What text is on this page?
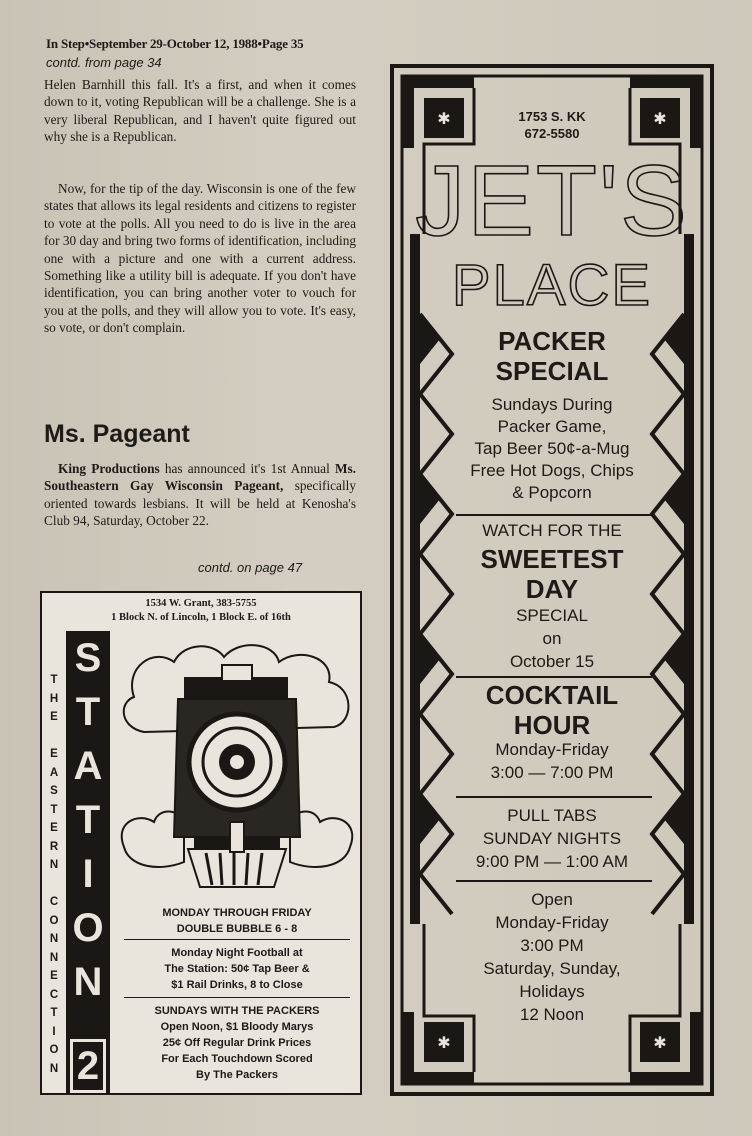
In Step•September 29-October 12, 1988•Page 35
contd. from page 34

Helen Barnhill this fall. It's a first, and when it comes down to it, voting Republican will be a challenge. She is a very liberal Republican, and I haven't quite figured out why she is a Republican.

Now, for the tip of the day. Wisconsin is one of the few states that allows its legal residents and citizens to register to vote at the polls. All you need to do is live in the area for 30 day and bring two forms of identification, including one with a picture and one with a current address. Something like a utility bill is adequate. If you don't have identification, you can bring another voter to vouch for you at the polls, and they will allow you to vote. It's easy, so vote, or don't complain.

Ms. Pageant

King Productions has announced it's 1st Annual Ms. Southeastern Gay Wisconsin Pageant, specifically oriented towards lesbians. It will be held at Kenosha's Club 94, Saturday, October 22.

contd. on page 47
1534 W. Grant, 383-5755
1 Block N. of Lincoln, 1 Block E. of 16th
T
H
E

E
A
S
T
E
R
N

C
O
N
N
E
C
T
I
O
N
S
T
A
T
I
O
N
2
MONDAY THROUGH FRIDAY
DOUBLE BUBBLE 6 - 8
Monday Night Football at
The Station: 50¢ Tap Beer &
$1 Rail Drinks, 8 to Close
SUNDAYS WITH THE PACKERS
Open Noon, $1 Bloody Marys
25¢ Off Regular Drink Prices
For Each Touchdown Scored
By The Packers
✱	✱
✱	✱
1753 S. KK
672-5580
JET'S
PLACE
PACKER
SPECIAL
Sundays During
Packer Game,
Tap Beer 50¢-a-Mug
Free Hot Dogs, Chips
& Popcorn
WATCH FOR THE
SWEETEST
DAY
SPECIAL
on
October 15
COCKTAIL
HOUR
Monday-Friday
3:00 — 7:00 PM
PULL TABS
SUNDAY NIGHTS
9:00 PM — 1:00 AM
Open
Monday-Friday
3:00 PM
Saturday, Sunday,
Holidays
12 Noon
